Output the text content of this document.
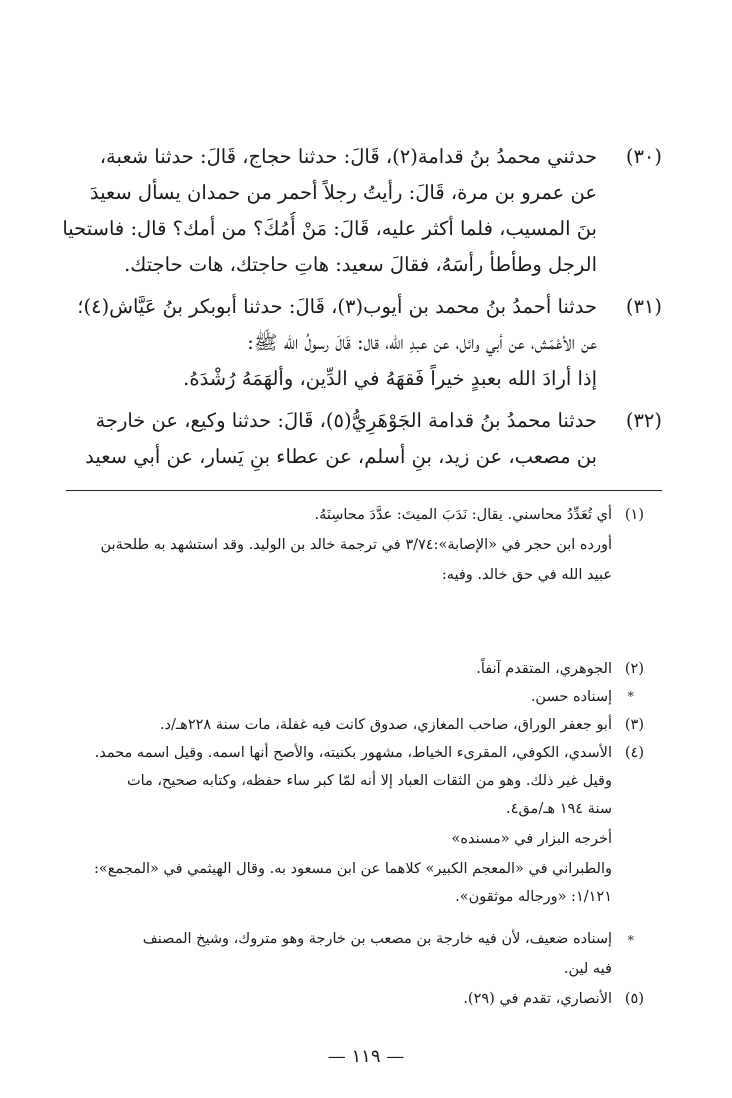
(٣٠)
حدثني محمدُ بنُ قدامة(٢)، قَالَ: حدثنا حجاج، قَالَ: حدثنا شعبة،
عن عمرو بن مرة، قَالَ: رأيتُ رجلاً أحمر من حمدان يسأل سعيدَ
بنَ المسيب، فلما أكثر عليه، قَالَ: مَنْ أُمُكَ؟ من أمك؟ قال: فاستحيا
الرجل وطأطأ رأسَهُ، فقالَ سعيد: هاتِ حاجتك، هات حاجتك.
(٣١)
حدثنا أحمدُ بنُ محمد بن أيوب(٣)، قَالَ: حدثنا أبوبكر بنُ عَيَّاش(٤)؛
عن الأعْمَش، عن أبي وائل، عن عبدِ الله، قال: قَالَ رسولُ الله ﷺ:
إذا أرادَ الله بعبدٍ خيراً فَقهَهُ في الدِّين، وألهَمَهُ رُشْدَهُ.
(٣٢)
حدثنا محمدُ بنُ قدامة الجَوْهَرِيُّ(٥)، قَالَ: حدثنا وكيع، عن خارجة
بن مصعب، عن زيد، بنِ أسلم، عن عطاء بنِ يَسار، عن أبي سعيد
(١)
أي تُعَدِّدُ محاسني. يقال: نَدَبَ الميتَ: عدَّدَ محاسِنَهُ.
أورده ابن حجر في «الإصابة»:٣/٧٤ في ترجمة خالد بن الوليد. وقد استشهد به طلحةبن
عبيد الله في حق خالد. وفيه:
(٢)
الجوهري، المتقدم آنفاً.
*
إسناده حسن.
(٣)
أبو جعفر الوراق، صاحب المغازي، صدوق كانت فيه غفلة، مات سنة ٢٢٨هـ/د.
(٤)
الأسدي، الكوفي، المقرىء الخياط، مشهور بكنيته، والأصح أنها اسمه. وقيل اسمه محمد.
وقيل غير ذلك. وهو من الثقات العباد إلا أنه لمّا كبر ساء حفظه، وكتابه صحيح، مات
سنة ١٩٤ هـ/مق٤.
أخرجه البزار في «مسنده»
والطبراني في «المعجم الكبير» كلاهما عن ابن مسعود به. وقال الهيثمي في «المجمع»:
١/١٢١: «ورجاله موثقون».
*
إسناده ضعيف، لأن فيه خارجة بن مصعب بن خارجة وهو متروك، وشيخ المصنف
فيه لين.
(٥)
الأنصاري، تقدم في (٢٩).
— ١١٩ —
